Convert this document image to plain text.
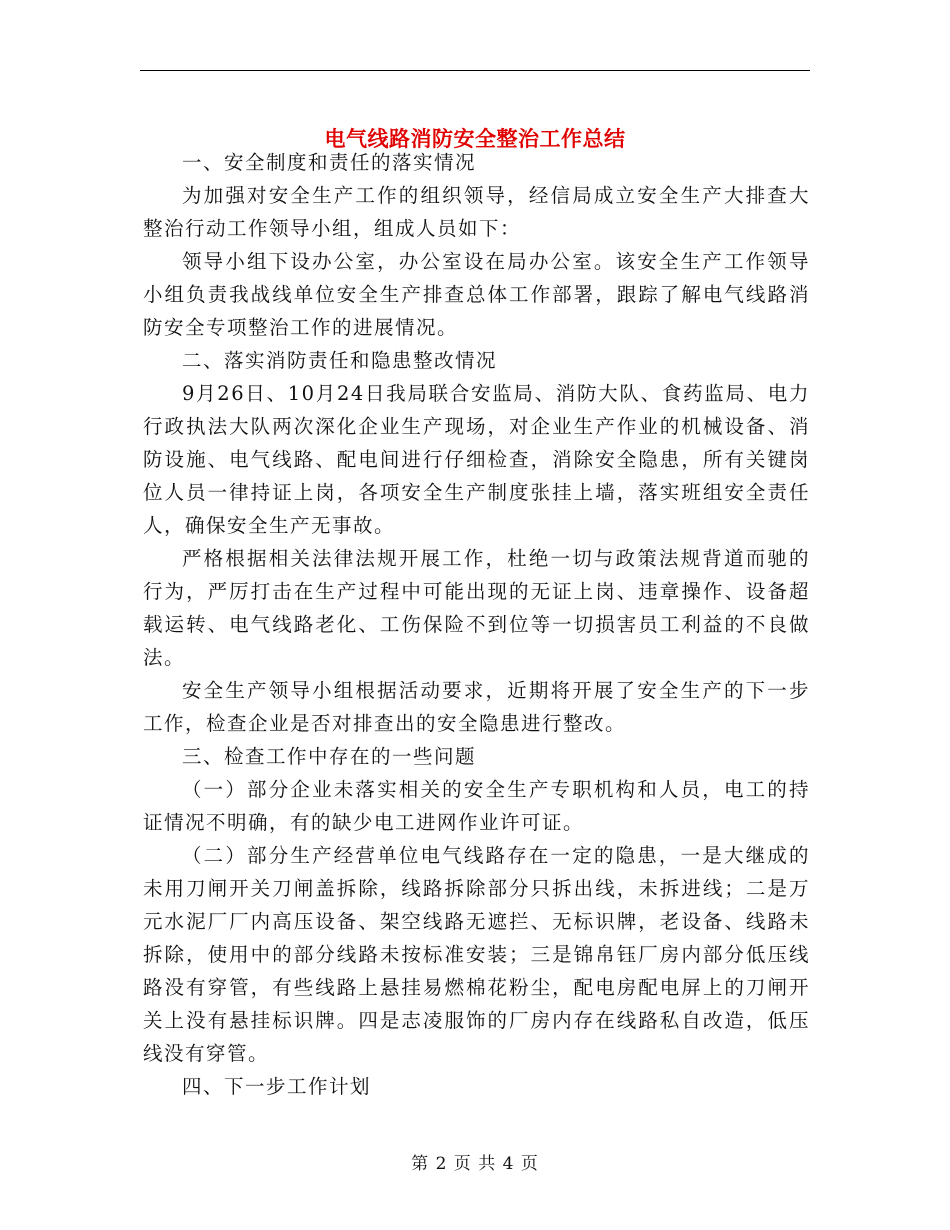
电气线路消防安全整治工作总结

一、安全制度和责任的落实情况

为加强对安全生产工作的组织领导，经信局成立安全生产大排查大整治行动工作领导小组，组成人员如下：

领导小组下设办公室，办公室设在局办公室。该安全生产工作领导小组负责我战线单位安全生产排查总体工作部署，跟踪了解电气线路消防安全专项整治工作的进展情况。

二、落实消防责任和隐患整改情况

9月26日、10月24日我局联合安监局、消防大队、食药监局、电力行政执法大队两次深化企业生产现场，对企业生产作业的机械设备、消防设施、电气线路、配电间进行仔细检查，消除安全隐患，所有关键岗位人员一律持证上岗，各项安全生产制度张挂上墙，落实班组安全责任人，确保安全生产无事故。

严格根据相关法律法规开展工作，杜绝一切与政策法规背道而驰的行为，严厉打击在生产过程中可能出现的无证上岗、违章操作、设备超载运转、电气线路老化、工伤保险不到位等一切损害员工利益的不良做法。

安全生产领导小组根据活动要求，近期将开展了安全生产的下一步工作，检查企业是否对排查出的安全隐患进行整改。

三、检查工作中存在的一些问题

（一）部分企业未落实相关的安全生产专职机构和人员，电工的持证情况不明确，有的缺少电工进网作业许可证。

（二）部分生产经营单位电气线路存在一定的隐患，一是大继成的未用刀闸开关刀闸盖拆除，线路拆除部分只拆出线，未拆进线；二是万元水泥厂厂内高压设备、架空线路无遮拦、无标识牌，老设备、线路未拆除，使用中的部分线路未按标准安装；三是锦帛钰厂房内部分低压线路没有穿管，有些线路上悬挂易燃棉花粉尘，配电房配电屏上的刀闸开关上没有悬挂标识牌。四是志凌服饰的厂房内存在线路私自改造，低压线没有穿管。

四、下一步工作计划

第 2 页 共 4 页
